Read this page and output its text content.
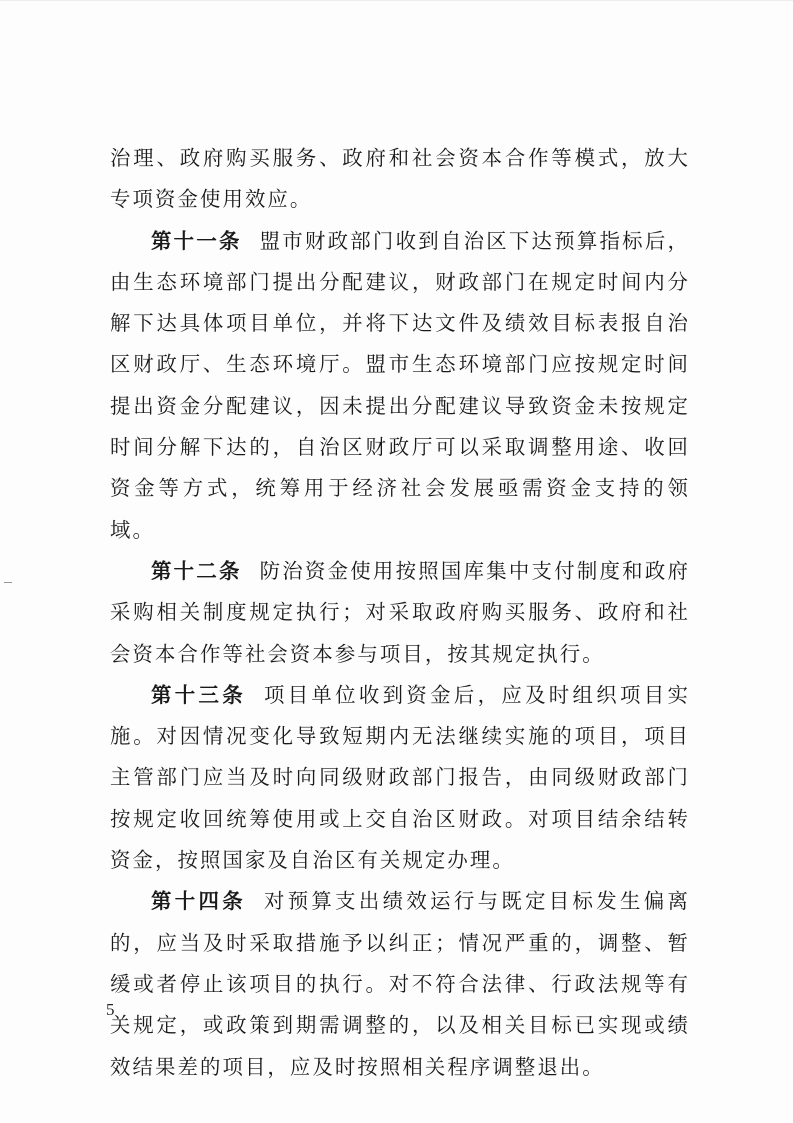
治理、政府购买服务、政府和社会资本合作等模式，放大专项资金使用效应。

第十一条 盟市财政部门收到自治区下达预算指标后，由生态环境部门提出分配建议，财政部门在规定时间内分解下达具体项目单位，并将下达文件及绩效目标表报自治区财政厅、生态环境厅。盟市生态环境部门应按规定时间提出资金分配建议，因未提出分配建议导致资金未按规定时间分解下达的，自治区财政厅可以采取调整用途、收回资金等方式，统筹用于经济社会发展亟需资金支持的领域。

第十二条 防治资金使用按照国库集中支付制度和政府采购相关制度规定执行；对采取政府购买服务、政府和社会资本合作等社会资本参与项目，按其规定执行。

第十三条 项目单位收到资金后，应及时组织项目实施。对因情况变化导致短期内无法继续实施的项目，项目主管部门应当及时向同级财政部门报告，由同级财政部门按规定收回统筹使用或上交自治区财政。对项目结余结转资金，按照国家及自治区有关规定办理。

第十四条 对预算支出绩效运行与既定目标发生偏离的，应当及时采取措施予以纠正；情况严重的，调整、暂缓或者停止该项目的执行。对不符合法律、行政法规等有关规定，或政策到期需调整的，以及相关目标已实现或绩效结果差的项目，应及时按照相关程序调整退出。

5
